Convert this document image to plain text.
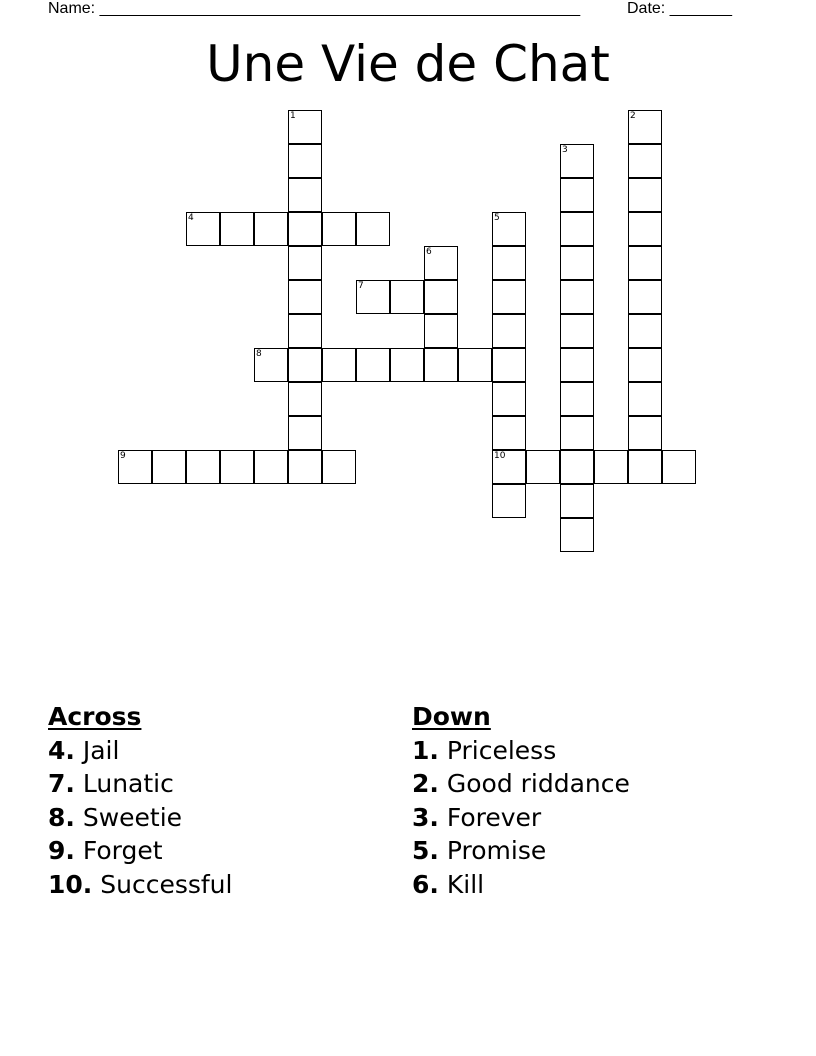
Name: ______________________________________________________	Date: _______
Une Vie de Chat
1	2
3
4	5
6
7
8
9	10
Across
4. Jail
7. Lunatic
8. Sweetie
9. Forget
10. Successful
Down
1. Priceless
2. Good riddance
3. Forever
5. Promise
6. Kill
